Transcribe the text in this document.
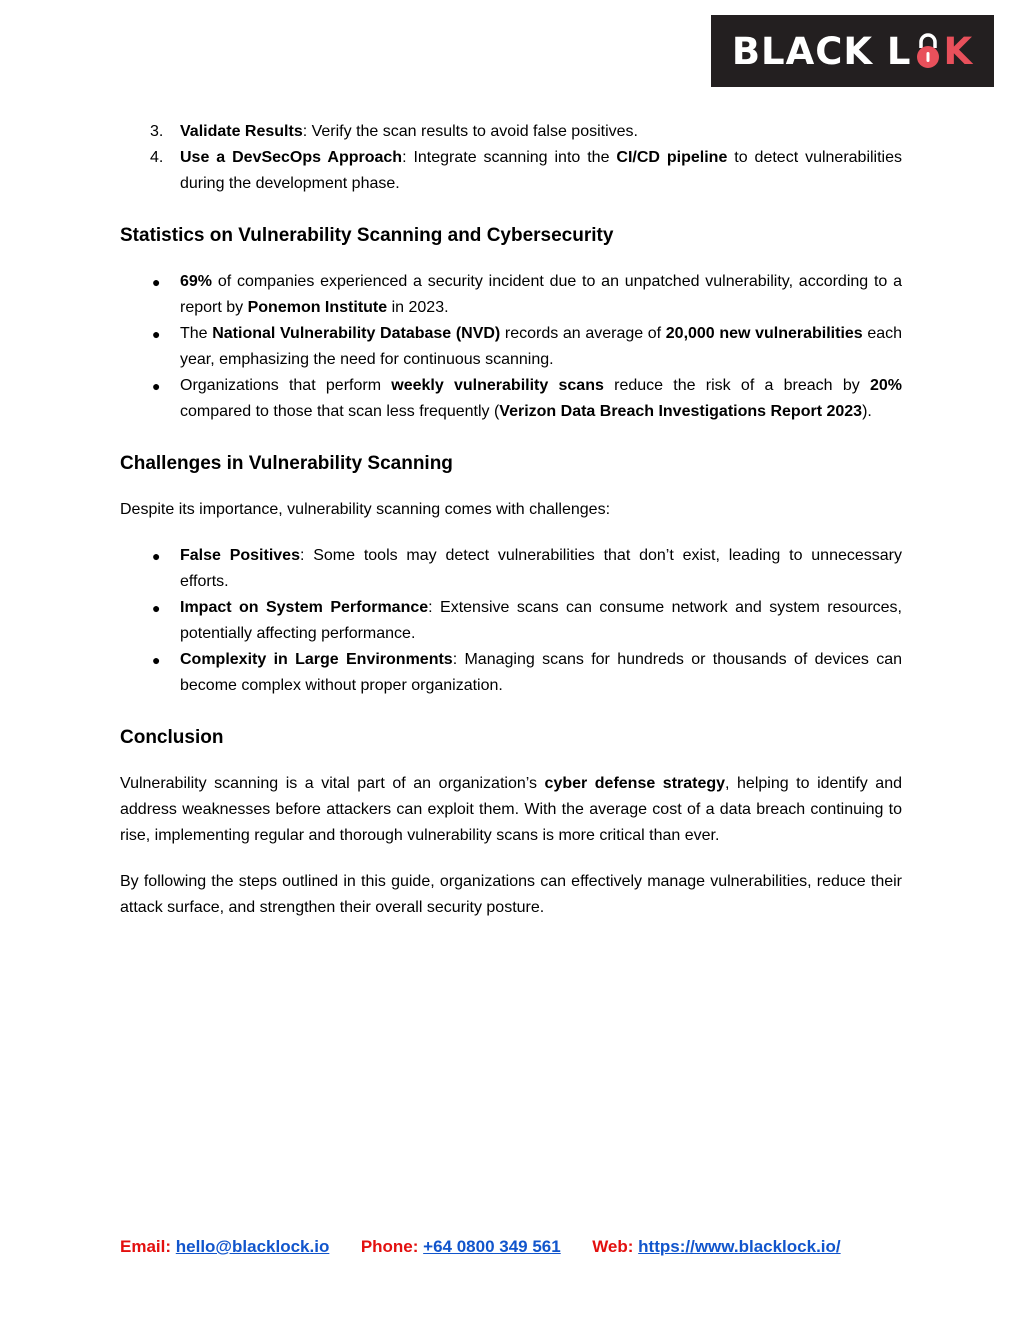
BLACK L K
3. Validate Results: Verify the scan results to avoid false positives.
4. Use a DevSecOps Approach: Integrate scanning into the CI/CD pipeline to detect vulnerabilities during the development phase.
Statistics on Vulnerability Scanning and Cybersecurity
● 69% of companies experienced a security incident due to an unpatched vulnerability, according to a report by Ponemon Institute in 2023.
● The National Vulnerability Database (NVD) records an average of 20,000 new vulnerabilities each year, emphasizing the need for continuous scanning.
● Organizations that perform weekly vulnerability scans reduce the risk of a breach by 20% compared to those that scan less frequently (Verizon Data Breach Investigations Report 2023).
Challenges in Vulnerability Scanning

Despite its importance, vulnerability scanning comes with challenges:

● False Positives: Some tools may detect vulnerabilities that don’t exist, leading to unnecessary efforts.
● Impact on System Performance: Extensive scans can consume network and system resources, potentially affecting performance.
● Complexity in Large Environments: Managing scans for hundreds or thousands of devices can become complex without proper organization.
Conclusion

Vulnerability scanning is a vital part of an organization’s cyber defense strategy, helping to identify and address weaknesses before attackers can exploit them. With the average cost of a data breach continuing to rise, implementing regular and thorough vulnerability scans is more critical than ever.

By following the steps outlined in this guide, organizations can effectively manage vulnerabilities, reduce their attack surface, and strengthen their overall security posture.

Email: hello@blacklock.io Phone: +64 0800 349 561 Web: https://www.blacklock.io/
